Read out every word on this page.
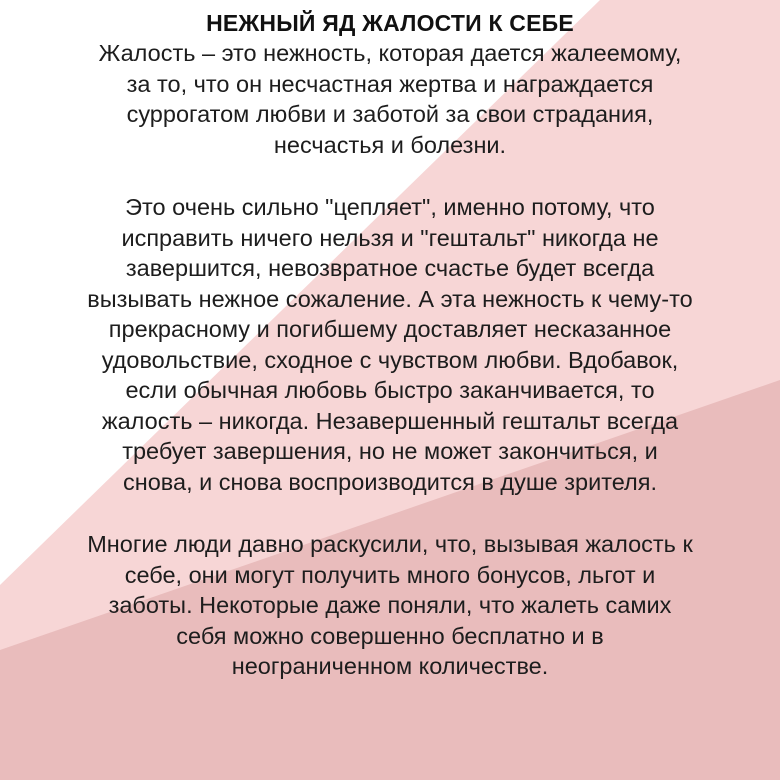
НЕЖНЫЙ ЯД ЖАЛОСТИ К СЕБЕ

Жалость – это нежность, которая дается жалеемому,
за то, что он несчастная жертва и награждается
суррогатом любви и заботой за свои страдания,
несчастья и болезни.

Это очень сильно "цепляет", именно потому, что
исправить ничего нельзя и "гештальт" никогда не
завершится, невозвратное счастье будет всегда
вызывать нежное сожаление. А эта нежность к чему-то
прекрасному и погибшему доставляет несказанное
удовольствие, сходное с чувством любви. Вдобавок,
если обычная любовь быстро заканчивается, то
жалость – никогда. Незавершенный гештальт всегда
требует завершения, но не может закончиться, и
снова, и снова воспроизводится в душе зрителя.

Многие люди давно раскусили, что, вызывая жалость к
себе, они могут получить много бонусов, льгот и
заботы. Некоторые даже поняли, что жалеть самих
себя можно совершенно бесплатно и в
неограниченном количестве.
